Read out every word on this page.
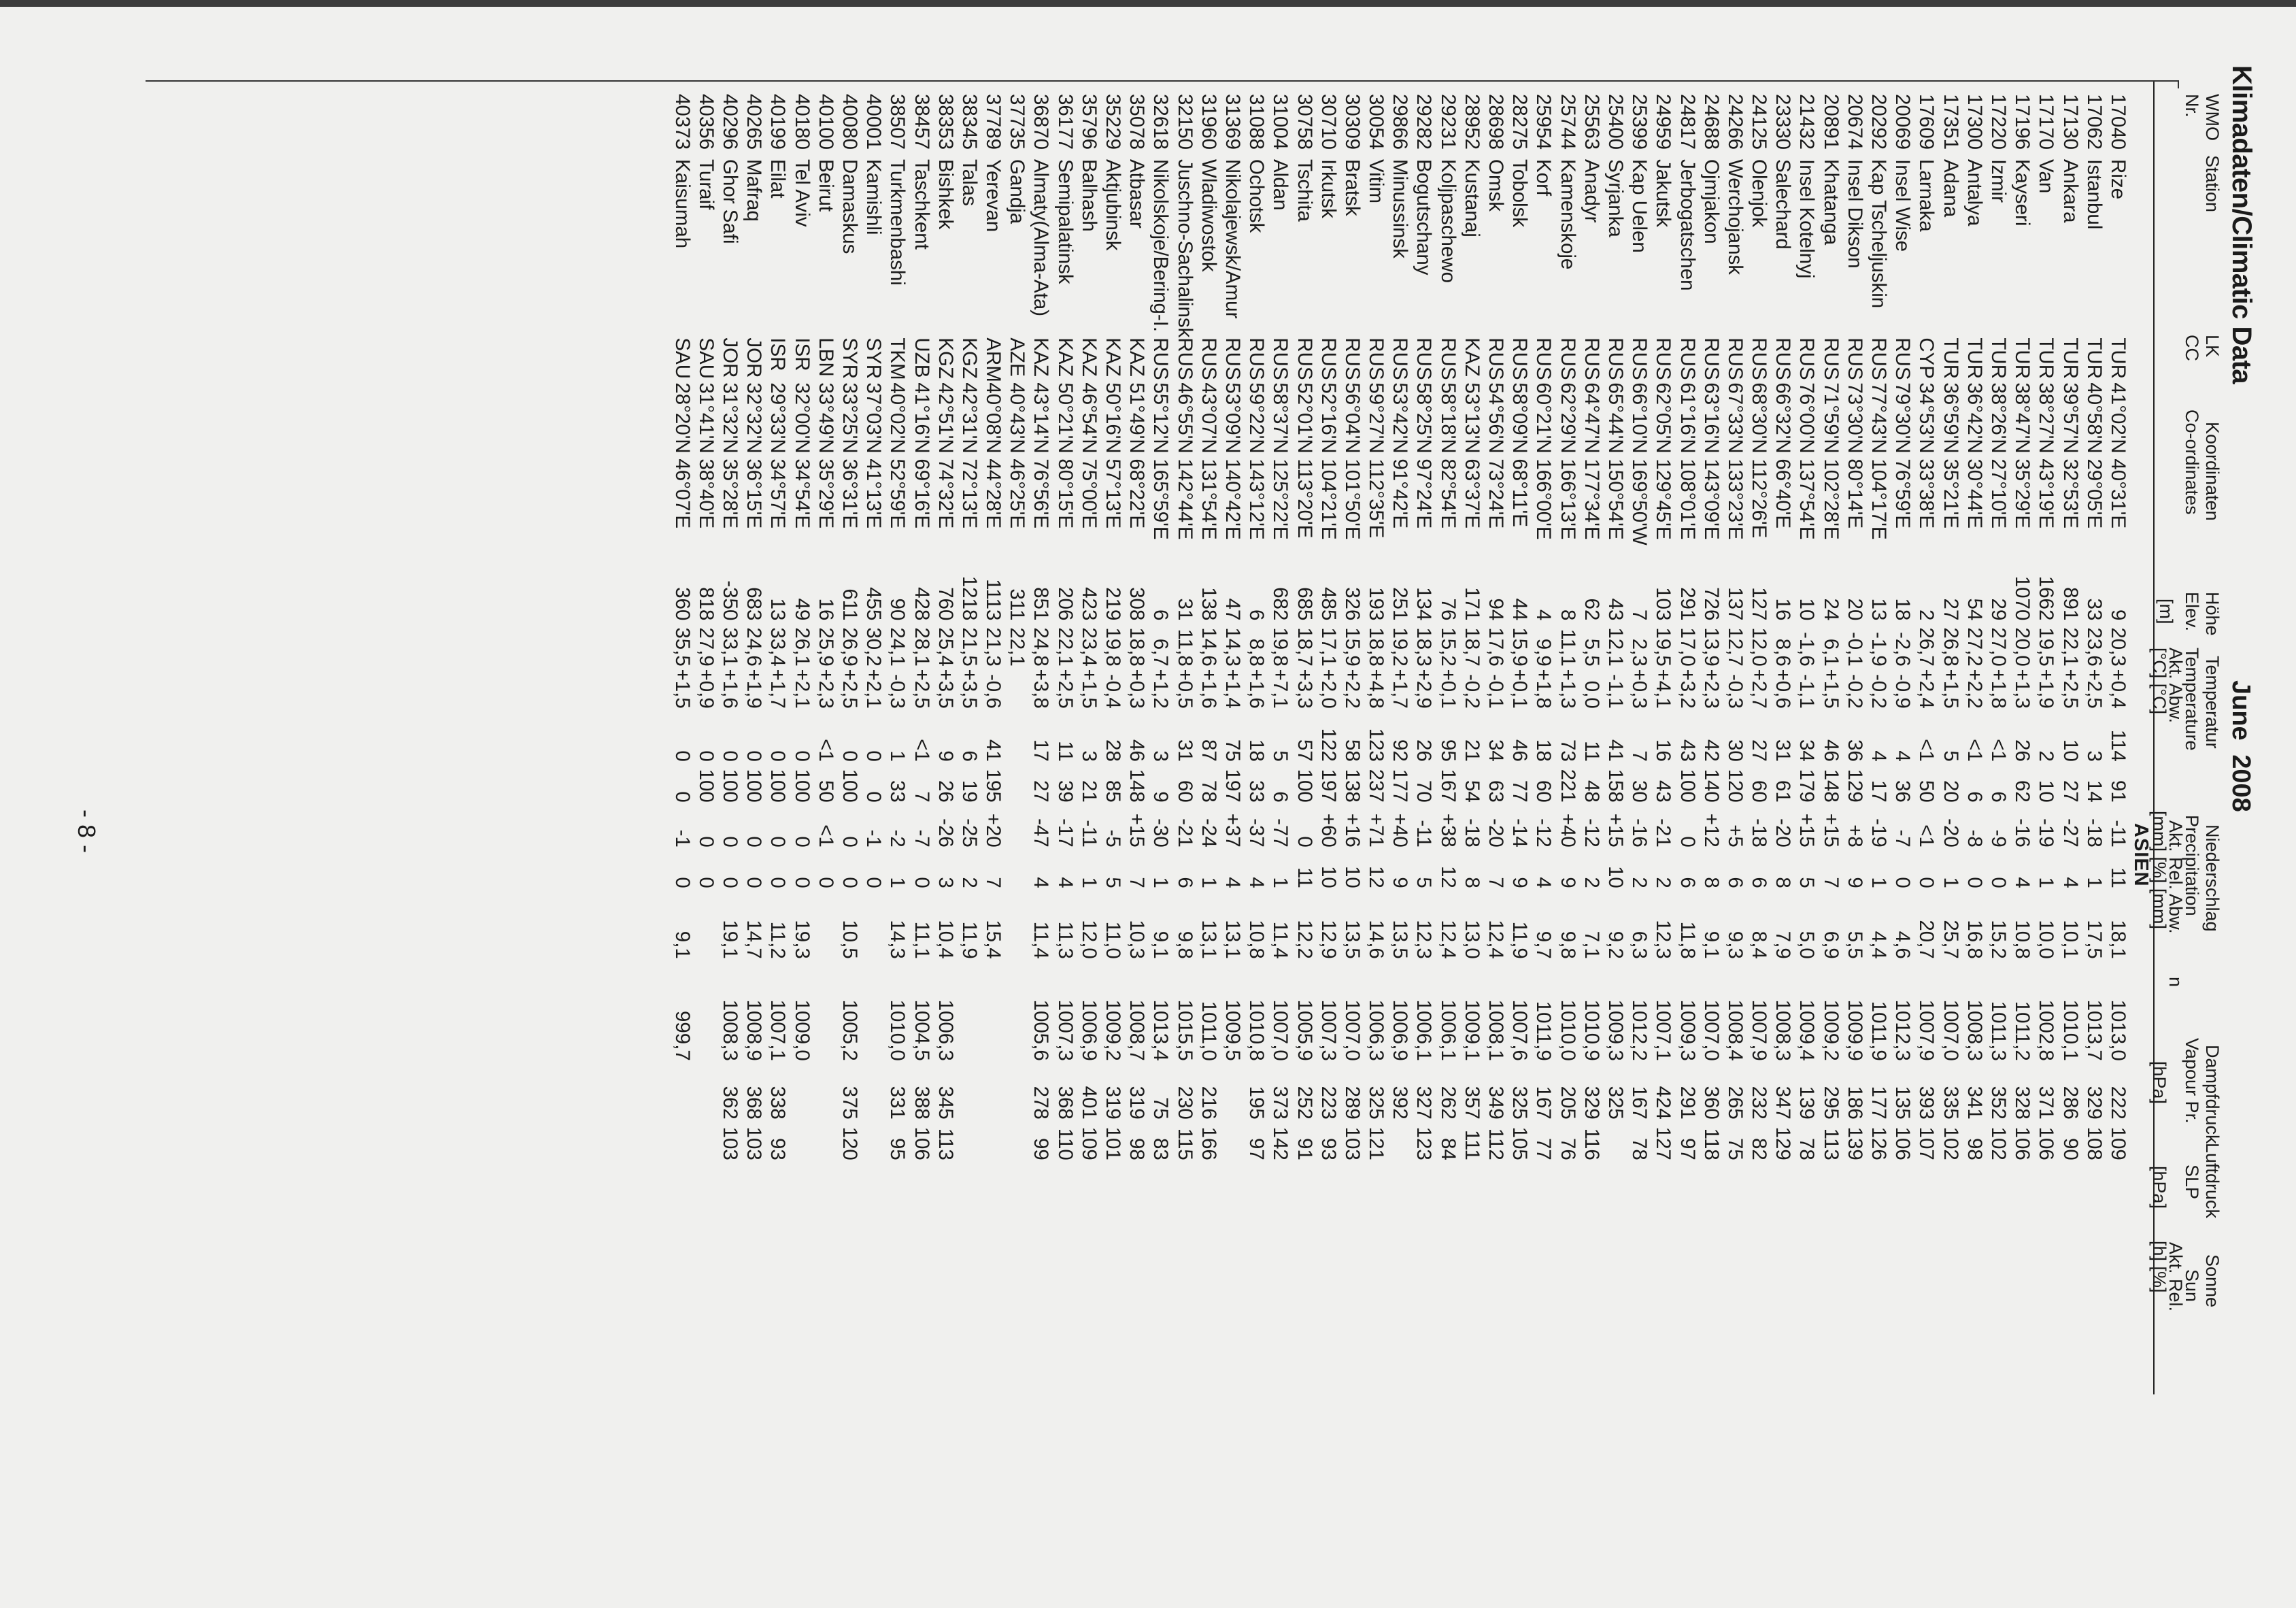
Klimadaten/Climatic Data
June 2008
WMO
Nr.
Station
LK
CC
Koordinaten
Co-ordinates
Höhe
Elev.
[m]
Temperatur
Temperature
Akt. Abw.
[°C] [°C]
Niederschlag
Precipitation
Akt. Rel. Abw.
[mm] [%] [mm]
n
Dampfdruck
Vapour Pr.
[hPa]
Luftdruck
SLP
[hPa]
Sonne
Sun
Akt. Rel.
[h] [%]
ASIEN
17040	Rize	TUR	41°02'N	40°31'E	9	20,3	+0,4	114	91	-11	11	18,1	1013,0	222	109
17062	Istanbul	TUR	40°58'N	29°05'E	33	23,6	+2,5	3	14	-18	1	17,5	1013,7	329	108
17130	Ankara	TUR	39°57'N	32°53'E	891	22,1	+2,5	10	27	-27	4	10,1	1010,1	286	90
17170	Van	TUR	38°27'N	43°19'E	1662	19,5	+1,9	2	10	-19	1	10,0	1002,8	371	106
17196	Kayseri	TUR	38°47'N	35°29'E	1070	20,0	+1,3	26	62	-16	4	10,8	1011,2	328	106
17220	Izmir	TUR	38°26'N	27°10'E	29	27,0	+1,8	<1	6	-9	0	15,2	1011,3	352	102
17300	Antalya	TUR	36°42'N	30°44'E	54	27,2	+2,2	<1	6	-8	0	16,8	1008,3	341	98
17351	Adana	TUR	36°59'N	35°21'E	27	26,8	+1,5	5	20	-20	1	25,7	1007,0	335	102
17609	Larnaka	CYP	34°53'N	33°38'E	2	26,7	+2,4	<1	50	<1	0	20,7	1007,9	393	107
20069	Insel Wise	RUS	79°30'N	76°59'E	18	-2,6	-0,9	4	36	-7	0	4,6	1012,3	135	106
20292	Kap Tscheljuskin	RUS	77°43'N	104°17'E	13	-1,9	-0,2	4	17	-19	1	4,4	1011,9	177	126
20674	Insel Dikson	RUS	73°30'N	80°14'E	20	-0,1	-0,2	36	129	+8	9	5,5	1009,9	186	139
20891	Khatanga	RUS	71°59'N	102°28'E	24	6,1	+1,5	46	148	+15	7	6,9	1009,2	295	113
21432	Insel Kotelnyj	RUS	76°00'N	137°54'E	10	-1,6	-1,1	34	179	+15	5	5,0	1009,4	139	78
23330	Salechard	RUS	66°32'N	66°40'E	16	8,6	+0,6	31	61	-20	8	7,9	1008,3	347	129
24125	Olenjok	RUS	68°30'N	112°26'E	127	12,0	+2,7	27	60	-18	6	8,4	1007,9	232	82
24266	Werchojansk	RUS	67°33'N	133°23'E	137	12,7	-0,3	30	120	+5	6	9,3	1008,4	265	75
24688	Ojmjakon	RUS	63°16'N	143°09'E	726	13,9	+2,3	42	140	+12	8	9,1	1007,0	360	118
24817	Jerbogatschen	RUS	61°16'N	108°01'E	291	17,0	+3,2	43	100	0	6	11,8	1009,3	291	97
24959	Jakutsk	RUS	62°05'N	129°45'E	103	19,5	+4,1	16	43	-21	2	12,3	1007,1	424	127
25399	Kap Uelen	RUS	66°10'N	169°50'W	7	2,3	+0,3	7	30	-16	2	6,3	1012,2	167	78
25400	Syrjanka	RUS	65°44'N	150°54'E	43	12,1	-1,1	41	158	+15	10	9,2	1009,3	325	
25563	Anadyr	RUS	64°47'N	177°34'E	62	5,5	0,0	11	48	-12	2	7,1	1010,9	329	116
25744	Kamenskoje	RUS	62°29'N	166°13'E	8	11,1	+1,3	73	221	+40	9	9,8	1010,0	205	76
25954	Korf	RUS	60°21'N	166°00'E	4	9,9	+1,8	18	60	-12	4	9,7	1011,9	167	77
28275	Tobolsk	RUS	58°09'N	68°11'E	44	15,9	+0,1	46	77	-14	9	11,9	1007,6	325	105
28698	Omsk	RUS	54°56'N	73°24'E	94	17,6	-0,1	34	63	-20	7	12,4	1008,1	349	112
28952	Kustanaj	KAZ	53°13'N	63°37'E	171	18,7	-0,2	21	54	-18	8	13,0	1009,1	357	111
29231	Koljpaschewo	RUS	58°18'N	82°54'E	76	15,2	+0,1	95	167	+38	12	12,4	1006,1	262	84
29282	Bogutschany	RUS	58°25'N	97°24'E	134	18,3	+2,9	26	70	-11	5	12,3	1006,1	327	123
29866	Minussinsk	RUS	53°42'N	91°42'E	251	19,2	+1,7	92	177	+40	9	13,5	1006,9	392	
30054	Vitim	RUS	59°27'N	112°35'E	193	18,8	+4,8	123	237	+71	12	14,6	1006,3	325	121
30309	Bratsk	RUS	56°04'N	101°50'E	326	15,9	+2,2	58	138	+16	10	13,5	1007,0	289	103
30710	Irkutsk	RUS	52°16'N	104°21'E	485	17,1	+2,0	122	197	+60	10	12,9	1007,3	223	93
30758	Tschita	RUS	52°01'N	113°20'E	685	18,7	+3,3	57	100	0	11	12,2	1005,9	252	91
31004	Aldan	RUS	58°37'N	125°22'E	682	19,8	+7,1	5	6	-77	1	11,4	1007,0	373	142
31088	Ochotsk	RUS	59°22'N	143°12'E	6	8,8	+1,6	18	33	-37	4	10,8	1010,8	195	97
31369	Nikolajewsk/Amur	RUS	53°09'N	140°42'E	47	14,3	+1,4	75	197	+37	4	13,1	1009,5		
31960	Wladiwostok	RUS	43°07'N	131°54'E	138	14,6	+1,6	87	78	-24	1	13,1	1011,0	216	166
32150	Juschno-Sachalinsk	RUS	46°55'N	142°44'E	31	11,8	+0,5	31	60	-21	6	9,8	1015,5	230	115
32618	Nikolskoje/Bering-I.	RUS	55°12'N	165°59'E	6	6,7	+1,2	3	9	-30	1	9,1	1013,4	75	83
35078	Atbasar	KAZ	51°49'N	68°22'E	308	18,8	+0,3	46	148	+15	7	10,3	1008,7	319	98
35229	Aktjubinsk	KAZ	50°16'N	57°13'E	219	19,8	-0,4	28	85	-5	5	11,0	1009,2	319	101
35796	Balhash	KAZ	46°54'N	75°00'E	423	23,4	+1,5	3	21	-11	1	12,0	1006,9	401	109
36177	Semipalatinsk	KAZ	50°21'N	80°15'E	206	22,1	+2,5	11	39	-17	4	11,3	1007,3	368	110
36870	Almaty(Alma-Ata)	KAZ	43°14'N	76°56'E	851	24,8	+3,8	17	27	-47	4	11,4	1005,6	278	99
37735	Gandja	AZE	40°43'N	46°25'E	311	22,1									
37789	Yerevan	ARM	40°08'N	44°28'E	1113	21,3	-0,6	41	195	+20	7	15,4			
38345	Talas	KGZ	42°31'N	72°13'E	1218	21,5	+3,5	6	19	-25	2	11,9			
38353	Bishkek	KGZ	42°51'N	74°32'E	760	25,4	+3,5	9	26	-26	3	10,4	1006,3	345	113
38457	Taschkent	UZB	41°16'N	69°16'E	428	28,1	+2,5	<1	7	-7	0	11,1	1004,5	388	106
38507	Turkmenbashi	TKM	40°02'N	52°59'E	90	24,1	-0,3	1	33	-2	1	14,3	1010,0	331	95
40001	Kamishli	SYR	37°03'N	41°13'E	455	30,2	+2,1	0	0	-1	0				
40080	Damaskus	SYR	33°25'N	36°31'E	611	26,9	+2,5	0	100	0	0	10,5	1005,2	375	120
40100	Beirut	LBN	33°49'N	35°29'E	16	25,9	+2,3	<1	50	<1	0				
40180	Tel Aviv	ISR	32°00'N	34°54'E	49	26,1	+2,1	0	100	0	0	19,3	1009,0		
40199	Eilat	ISR	29°33'N	34°57'E	13	33,4	+1,7	0	100	0	0	11,2	1007,1	338	93
40265	Mafraq	JOR	32°32'N	36°15'E	683	24,6	+1,9	0	100	0	0	14,7	1008,9	368	103
40296	Ghor Safi	JOR	31°32'N	35°28'E	-350	33,1	+1,6	0	100	0	0	19,1	1008,3	362	103
40356	Turaif	SAU	31°41'N	38°40'E	818	27,9	+0,9	0	100	0	0				
40373	Kaisumah	SAU	28°20'N	46°07'E	360	35,5	+1,5	0	0	-1	0	9,1	999,7		
- 8 -
